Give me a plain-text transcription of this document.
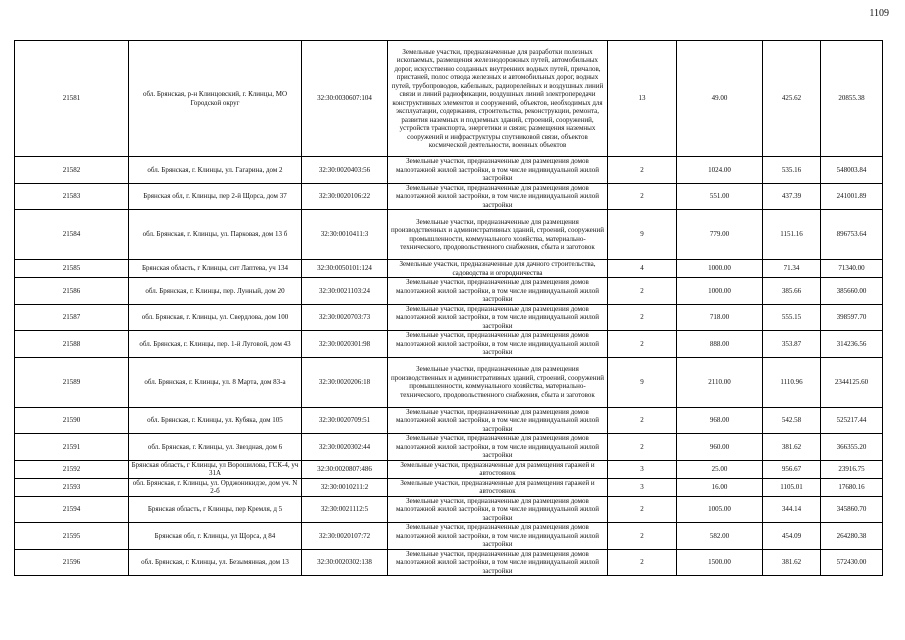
1109
21581	обл. Брянская, р-н Клинцовский, г. Клинцы, МО Городской округ	32:30:0030607:104	Земельные участки, предназначенные для разработки полезных ископаемых, размещения железнодорожных путей, автомобильных дорог, искусственно созданных внутренних водных путей, причалов, пристаней, полос отвода железных и автомобильных дорог, водных путей, трубопроводов, кабельных, радиорелейных и воздушных линий связи и линий радиофикации, воздушных линий электропередачи конструктивных элементов и сооружений, объектов, необходимых для эксплуатации, содержания, строительства, реконструкции, ремонта, развития наземных и подземных зданий, строений, сооружений, устройств транспорта, энергетики и связи; размещения наземных сооружений и инфраструктуры спутниковой связи, объектов космической деятельности, военных объектов	13	49.00	425.62	20855.38
21582	обл. Брянская, г. Клинцы, ул. Гагарина, дом 2	32:30:0020403:56	Земельные участки, предназначенные для размещения домов малоэтажной жилой застройки, в том числе индивидуальной жилой застройки	2	1024.00	535.16	548003.84
21583	Брянская обл, г. Клинцы, пер 2-й Щорса, дом 37	32:30:0020106:22	Земельные участки, предназначенные для размещения домов малоэтажной жилой застройки, в том числе индивидуальной жилой застройки	2	551.00	437.39	241001.89
21584	обл. Брянская, г. Клинцы, ул. Парковая, дом 13 б	32:30:0010411:3	Земельные участки, предназначенные для размещения производственных и административных зданий, строений, сооружений промышленности, коммунального хозяйства, материально-технического, продовольственного снабжения, сбыта и заготовок	9	779.00	1151.16	896753.64
21585	Брянская область, г Клинцы, снт Лаптева, уч 134	32:30:0050101:124	Земельные участки, предназначенные для дачного строительства, садоводства и огородничества	4	1000.00	71.34	71340.00
21586	обл. Брянская, г. Клинцы, пер. Лунный, дом 20	32:30:0021103:24	Земельные участки, предназначенные для размещения домов малоэтажной жилой застройки, в том числе индивидуальной жилой застройки	2	1000.00	385.66	385660.00
21587	обл. Брянская, г. Клинцы, ул. Свердлова, дом 100	32:30:0020703:73	Земельные участки, предназначенные для размещения домов малоэтажной жилой застройки, в том числе индивидуальной жилой застройки	2	718.00	555.15	398597.70
21588	обл. Брянская, г. Клинцы, пер. 1-й Луговой, дом 43	32:30:0020301:98	Земельные участки, предназначенные для размещения домов малоэтажной жилой застройки, в том числе индивидуальной жилой застройки	2	888.00	353.87	314236.56
21589	обл. Брянская, г. Клинцы, ул. 8 Марта, дом 83-а	32:30:0020206:18	Земельные участки, предназначенные для размещения производственных и административных зданий, строений, сооружений промышленности, коммунального хозяйства, материально-технического, продовольственного снабжения, сбыта и заготовок	9	2110.00	1110.96	2344125.60
21590	обл. Брянская, г. Клинцы, ул. Кубяка, дом 105	32:30:0020709:51	Земельные участки, предназначенные для размещения домов малоэтажной жилой застройки, в том числе индивидуальной жилой застройки	2	968.00	542.58	525217.44
21591	обл. Брянская, г. Клинцы, ул. Звездная, дом 6	32:30:0020302:44	Земельные участки, предназначенные для размещения домов малоэтажной жилой застройки, в том числе индивидуальной жилой застройки	2	960.00	381.62	366355.20
21592	Брянская область, г Клинцы, ул Ворошилова, ГСК-4, уч 31А	32:30:0020807:486	Земельные участки, предназначенные для размещения гаражей и автостоянок	3	25.00	956.67	23916.75
21593	обл. Брянская, г. Клинцы, ул. Орджоникидзе, дом уч. N 2-б	32:30:0010211:2	Земельные участки, предназначенные для размещения гаражей и автостоянок	3	16.00	1105.01	17680.16
21594	Брянская область, г Клинцы, пер Кремля, д 5	32:30:0021112:5	Земельные участки, предназначенные для размещения домов малоэтажной жилой застройки, в том числе индивидуальной жилой застройки	2	1005.00	344.14	345860.70
21595	Брянская обл, г. Клинцы, ул Щорса, д 84	32:30:0020107:72	Земельные участки, предназначенные для размещения домов малоэтажной жилой застройки, в том числе индивидуальной жилой застройки	2	582.00	454.09	264280.38
21596	обл. Брянская, г. Клинцы, ул. Безымянная, дом 13	32:30:0020302:138	Земельные участки, предназначенные для размещения домов малоэтажной жилой застройки, в том числе индивидуальной жилой застройки	2	1500.00	381.62	572430.00
